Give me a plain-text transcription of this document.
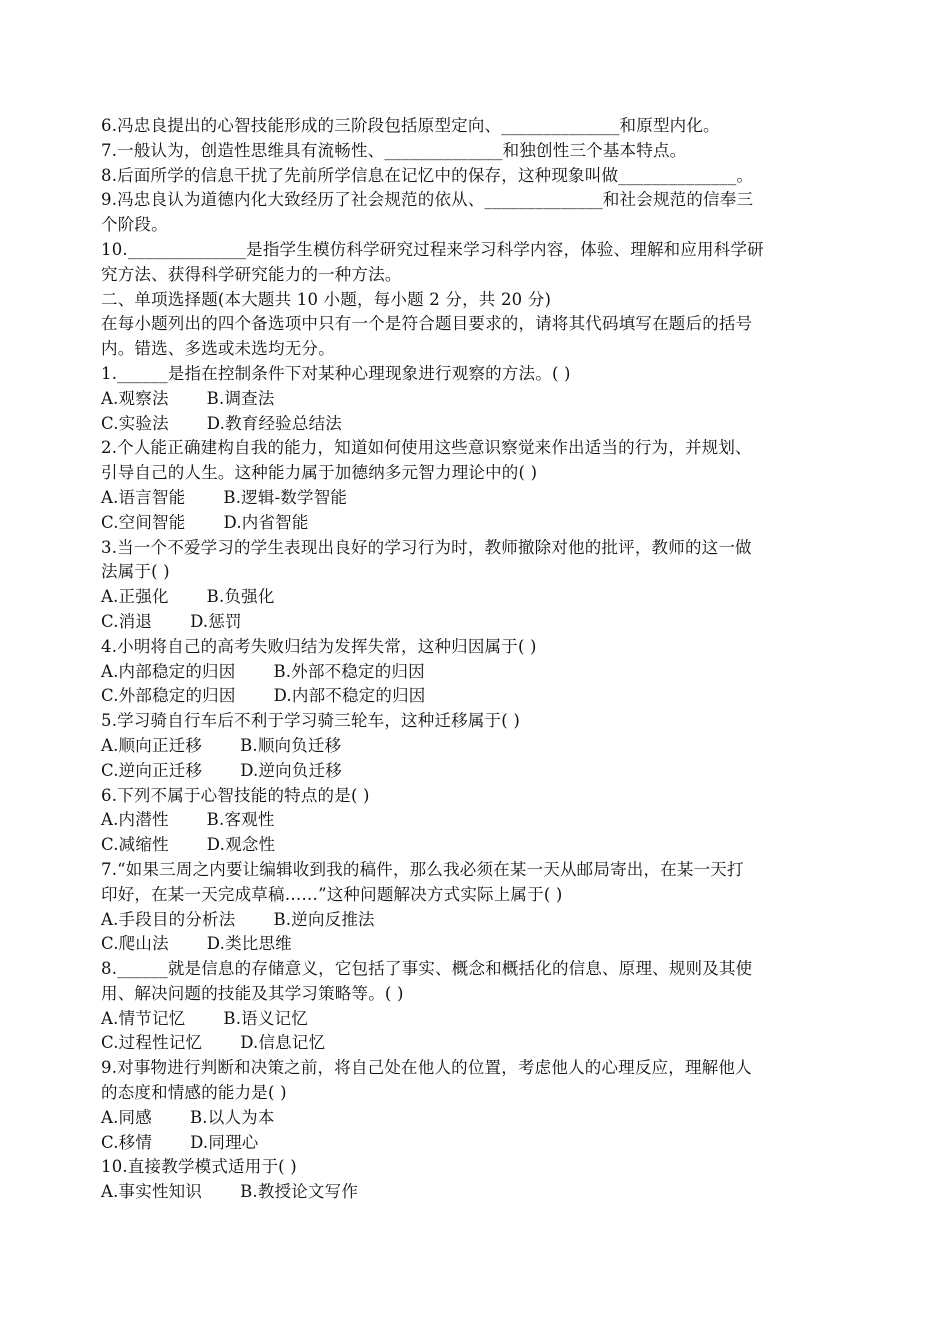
6.冯忠良提出的心智技能形成的三阶段包括原型定向、______________和原型内化。
7.一般认为，创造性思维具有流畅性、______________和独创性三个基本特点。
8.后面所学的信息干扰了先前所学信息在记忆中的保存，这种现象叫做______________。
9.冯忠良认为道德内化大致经历了社会规范的依从、______________和社会规范的信奉三
个阶段。
10.______________是指学生模仿科学研究过程来学习科学内容，体验、理解和应用科学研
究方法、获得科学研究能力的一种方法。
二、单项选择题(本大题共 10 小题，每小题 2 分，共 20 分)
在每小题列出的四个备选项中只有一个是符合题目要求的，请将其代码填写在题后的括号
内。错选、多选或未选均无分。
1.______是指在控制条件下对某种心理现象进行观察的方法。( )
A.观察法 B.调查法
C.实验法 D.教育经验总结法
2.个人能正确建构自我的能力，知道如何使用这些意识察觉来作出适当的行为，并规划、
引导自己的人生。这种能力属于加德纳多元智力理论中的( )
A.语言智能 B.逻辑-数学智能
C.空间智能 D.内省智能
3.当一个不爱学习的学生表现出良好的学习行为时，教师撤除对他的批评，教师的这一做
法属于( )
A.正强化 B.负强化
C.消退 D.惩罚
4.小明将自己的高考失败归结为发挥失常，这种归因属于( )
A.内部稳定的归因 B.外部不稳定的归因
C.外部稳定的归因 D.内部不稳定的归因
5.学习骑自行车后不利于学习骑三轮车，这种迁移属于( )
A.顺向正迁移 B.顺向负迁移
C.逆向正迁移 D.逆向负迁移
6.下列不属于心智技能的特点的是( )
A.内潜性 B.客观性
C.减缩性 D.观念性
7.“如果三周之内要让编辑收到我的稿件，那么我必须在某一天从邮局寄出，在某一天打
印好，在某一天完成草稿……”这种问题解决方式实际上属于( )
A.手段目的分析法 B.逆向反推法
C.爬山法 D.类比思维
8.______就是信息的存储意义，它包括了事实、概念和概括化的信息、原理、规则及其使
用、解决问题的技能及其学习策略等。( )
A.情节记忆 B.语义记忆
C.过程性记忆 D.信息记忆
9.对事物进行判断和决策之前，将自己处在他人的位置，考虑他人的心理反应，理解他人
的态度和情感的能力是( )
A.同感 B.以人为本
C.移情 D.同理心
10.直接教学模式适用于( )
A.事实性知识 B.教授论文写作
